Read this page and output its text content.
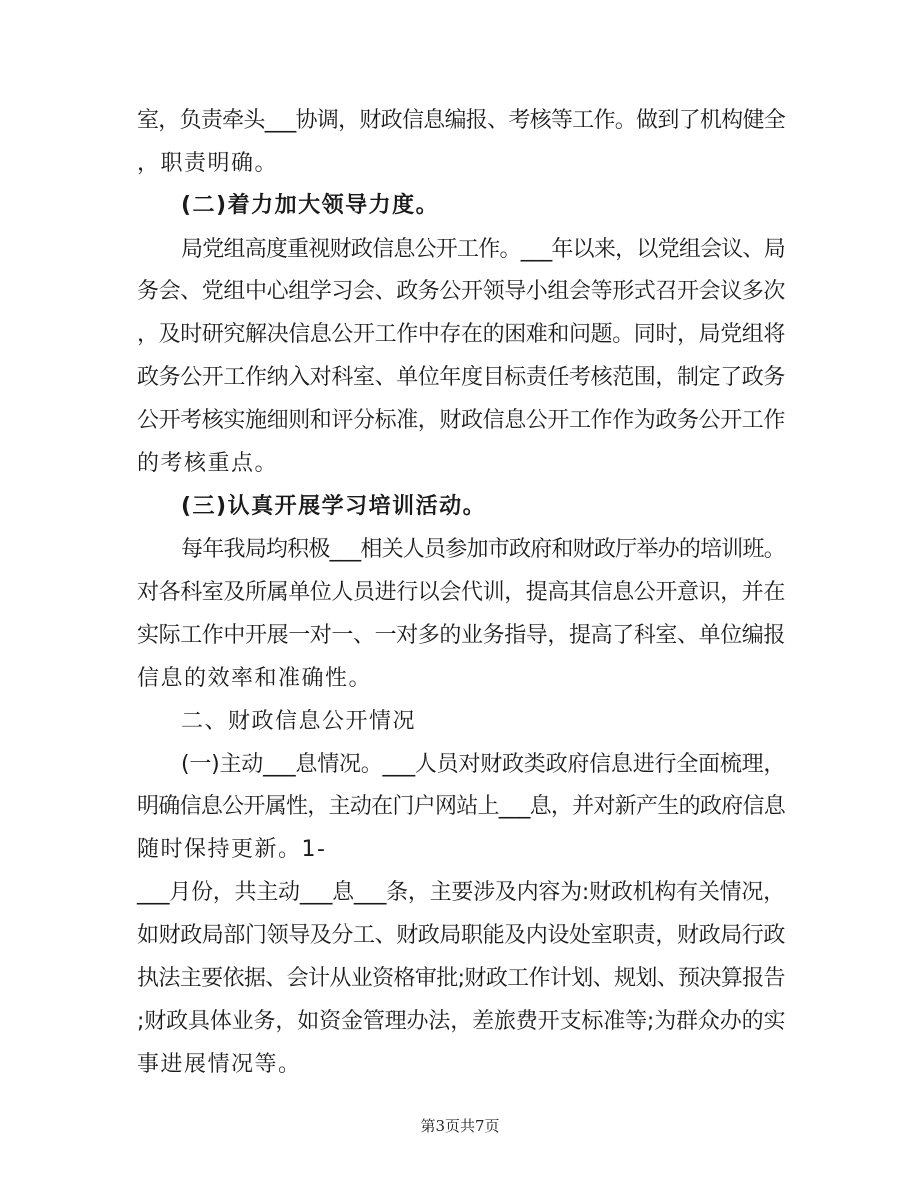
室，负责牵头___协调，财政信息编报、考核等工作。做到了机构健全
，职责明确。
(二)着力加大领导力度。
局党组高度重视财政信息公开工作。___年以来，以党组会议、局
务会、党组中心组学习会、政务公开领导小组会等形式召开会议多次
，及时研究解决信息公开工作中存在的困难和问题。同时，局党组将
政务公开工作纳入对科室、单位年度目标责任考核范围，制定了政务
公开考核实施细则和评分标准，财政信息公开工作作为政务公开工作
的考核重点。
(三)认真开展学习培训活动。
每年我局均积极___相关人员参加市政府和财政厅举办的培训班。
对各科室及所属单位人员进行以会代训，提高其信息公开意识，并在
实际工作中开展一对一、一对多的业务指导，提高了科室、单位编报
信息的效率和准确性。
二、财政信息公开情况
(一)主动___息情况。___人员对财政类政府信息进行全面梳理，
明确信息公开属性，主动在门户网站上___息，并对新产生的政府信息
随时保持更新。1-
___月份，共主动___息___条，主要涉及内容为:财政机构有关情况，
如财政局部门领导及分工、财政局职能及内设处室职责，财政局行政
执法主要依据、会计从业资格审批;财政工作计划、规划、预决算报告
;财政具体业务，如资金管理办法，差旅费开支标准等;为群众办的实
事进展情况等。
第3页共7页
